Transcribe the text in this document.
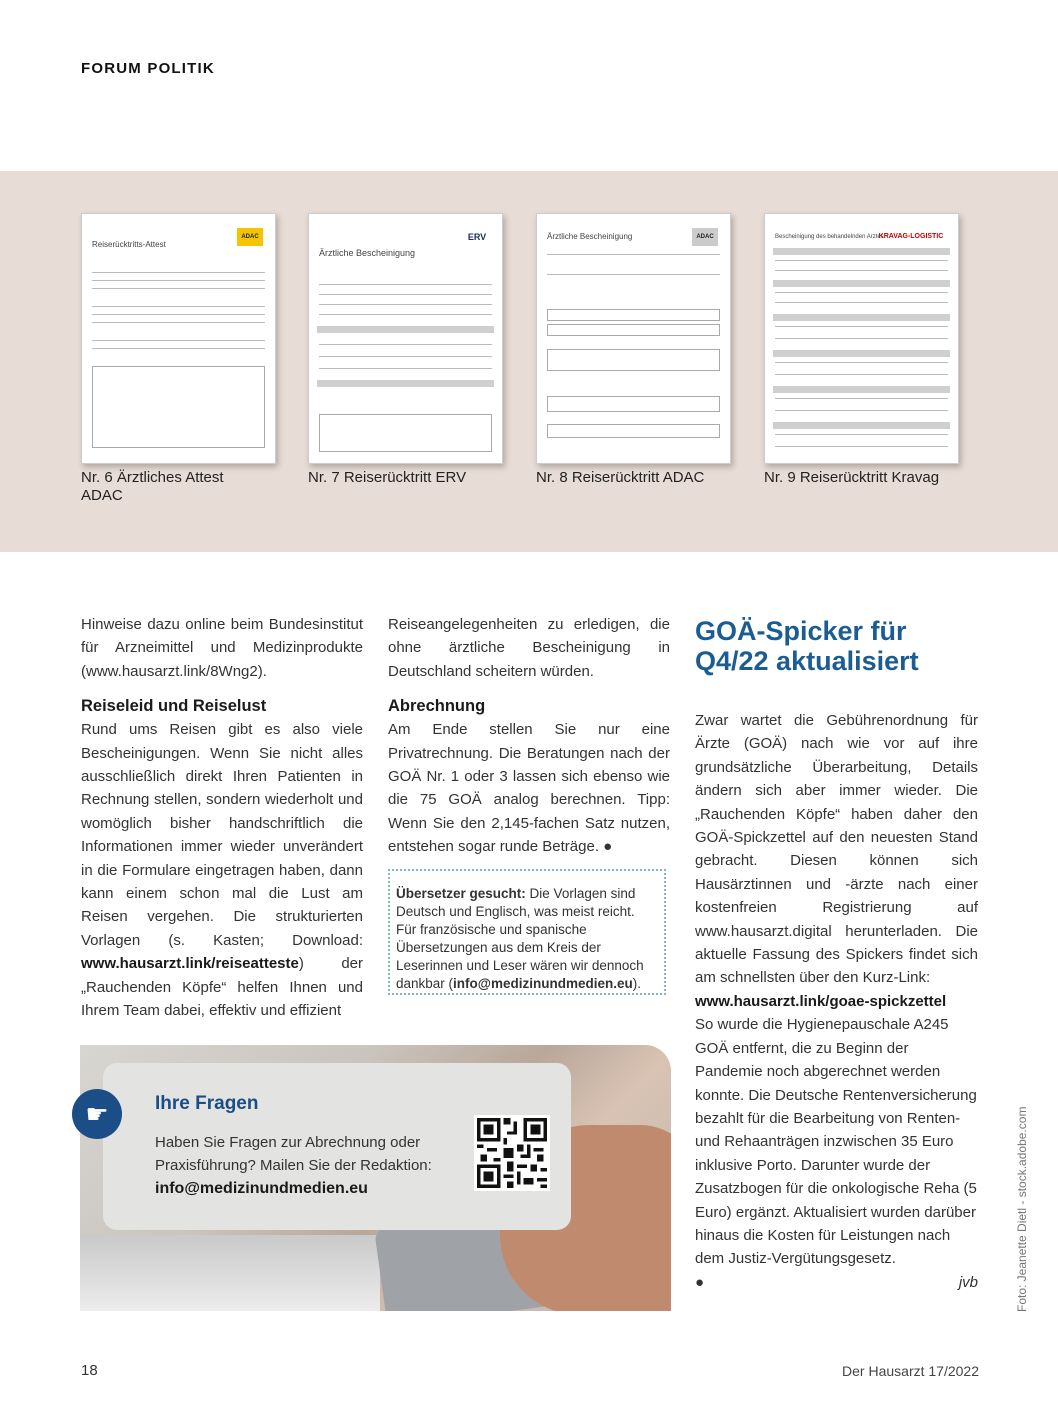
FORUM POLITIK
ADAC
Reiserücktritts-Attest
ERV
Ärztliche Bescheinigung
ADAC
Ärztliche Bescheinigung	KRAVAG-LOGISTIC
Bescheinigung des behandelnden Arztes
Nr. 6 Ärztliches Attest ADAC
Nr. 7 Reiserücktritt ERV	Nr. 8 Reiserücktritt ADAC	Nr. 9 Reiserücktritt Kravag

Hinweise dazu online beim Bundesinstitut für Arzneimittel und Medizinprodukte (www.hausarzt.link/8Wng2).

Reiseleid und Reiselust

Rund ums Reisen gibt es also viele Bescheinigungen. Wenn Sie nicht alles ausschließlich direkt Ihren Patienten in Rechnung stellen, sondern wiederholt und womöglich bisher handschriftlich die Informationen immer wieder unverändert in die Formulare eingetragen haben, dann kann einem schon mal die Lust am Reisen vergehen. Die strukturierten Vorlagen (s. Kasten; Download: www.hausarzt.link/reiseatteste) der „Rauchenden Köpfe“ helfen Ihnen und Ihrem Team dabei, effektiv und effizient

Reiseangelegenheiten zu erledigen, die ohne ärztliche Bescheinigung in Deutschland scheitern würden.

Abrechnung

Am Ende stellen Sie nur eine Privatrechnung. Die Beratungen nach der GOÄ Nr. 1 oder 3 lassen sich ebenso wie die 75 GOÄ analog berechnen. Tipp: Wenn Sie den 2,145-fachen Satz nutzen, entstehen sogar runde Beträge. ●

Übersetzer gesucht: Die Vorlagen sind Deutsch und Englisch, was meist reicht. Für französische und spanische Übersetzungen aus dem Kreis der Leserinnen und Leser wären wir dennoch dankbar (info@medizinundmedien.eu).
GOÄ-Spicker für Q4/22 aktualisiert

Zwar wartet die Gebührenordnung für Ärzte (GOÄ) nach wie vor auf ihre grundsätzliche Überarbeitung, Details ändern sich aber immer wieder. Die „Rauchenden Köpfe“ haben daher den GOÄ-Spickzettel auf den neuesten Stand gebracht. Diesen können sich Hausärztinnen und -ärzte nach einer kostenfreien Registrierung auf www.hausarzt.digital herunterladen. Die aktuelle Fassung des Spickers findet sich am schnellsten über den Kurz-Link:

www.hausarzt.link/goae-spickzettel

So wurde die Hygienepauschale A245 GOÄ entfernt, die zu Beginn der Pandemie noch abgerechnet werden konnte. Die Deutsche Rentenversicherung bezahlt für die Bearbeitung von Renten- und Rehaanträgen inzwischen 35 Euro inklusive Porto. Darunter wurde der Zusatzbogen für die onkologische Reha (5 Euro) ergänzt. Aktualisiert wurden darüber hinaus die Kosten für Leistungen nach dem Justiz-Vergütungsgesetz.

●	jvb

☛	Ihre Fragen
Haben Sie Fragen zur Abrechnung oder Praxisführung? Mailen Sie der Redaktion:
info@medizinundmedien.eu	Foto: Jeanette Dietl - stock.adobe.com
18	Der Hausarzt 17/2022
